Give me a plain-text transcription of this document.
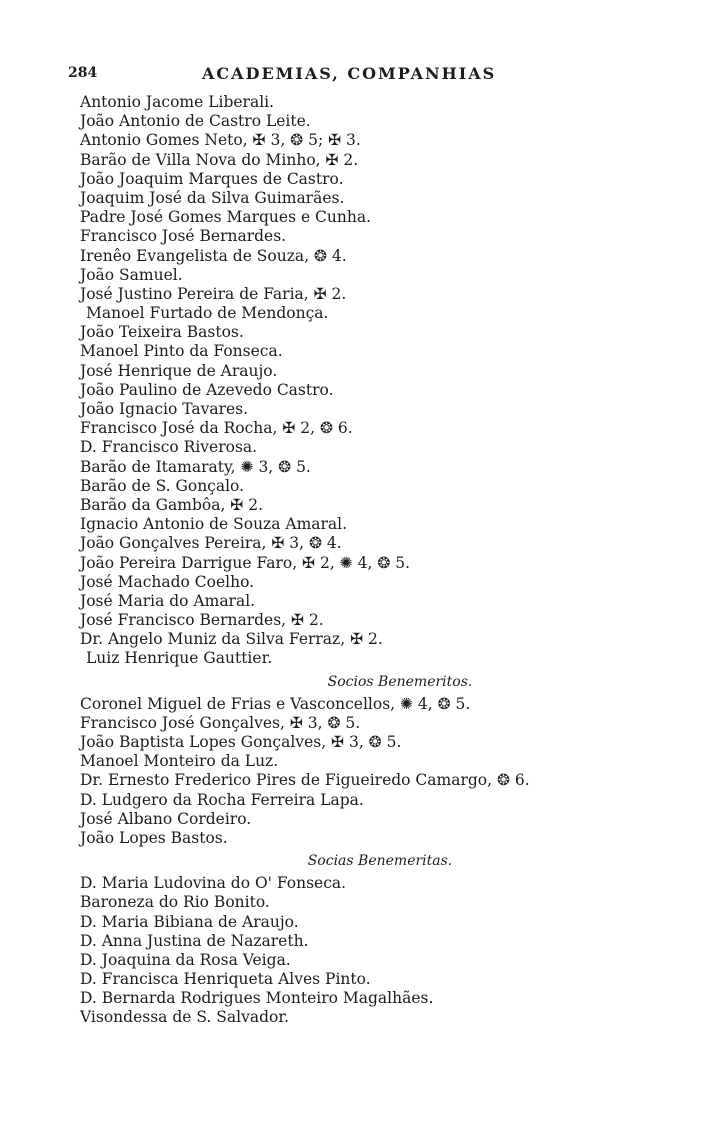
284	ACADEMIAS, COMPANHIAS
Antonio Jacome Liberali.
João Antonio de Castro Leite.
Antonio Gomes Neto, ✠ 3, ❂ 5; ✠ 3.
Barão de Villa Nova do Minho, ✠ 2.
João Joaquim Marques de Castro.
Joaquim José da Silva Guimarães.
Padre José Gomes Marques e Cunha.
Francisco José Bernardes.
Irenêo Evangelista de Souza, ❂ 4.
João Samuel.
José Justino Pereira de Faria, ✠ 2.
Manoel Furtado de Mendonça.
João Teixeira Bastos.
Manoel Pinto da Fonseca.
José Henrique de Araujo.
João Paulino de Azevedo Castro.
João Ignacio Tavares.
Francisco José da Rocha, ✠ 2, ❂ 6.
D. Francisco Riverosa.
Barão de Itamaraty, ✺ 3, ❂ 5.
Barão de S. Gonçalo.
Barão da Gambôa, ✠ 2.
Ignacio Antonio de Souza Amaral.
João Gonçalves Pereira, ✠ 3, ❂ 4.
João Pereira Darrigue Faro, ✠ 2, ✺ 4, ❂ 5.
José Machado Coelho.
José Maria do Amaral.
José Francisco Bernardes, ✠ 2.
Dr. Angelo Muniz da Silva Ferraz, ✠ 2.
Luiz Henrique Gauttier.
Socios Benemeritos.
Coronel Miguel de Frias e Vasconcellos, ✺ 4, ❂ 5.
Francisco José Gonçalves, ✠ 3, ❂ 5.
João Baptista Lopes Gonçalves, ✠ 3, ❂ 5.
Manoel Monteiro da Luz.
Dr. Ernesto Frederico Pires de Figueiredo Camargo, ❂ 6.
D. Ludgero da Rocha Ferreira Lapa.
José Albano Cordeiro.
João Lopes Bastos.
Socias Benemeritas.
D. Maria Ludovina do O' Fonseca.
Baroneza do Rio Bonito.
D. Maria Bibiana de Araujo.
D. Anna Justina de Nazareth.
D. Joaquina da Rosa Veiga.
D. Francisca Henriqueta Alves Pinto.
D. Bernarda Rodrigues Monteiro Magalhães.
Visondessa de S. Salvador.
